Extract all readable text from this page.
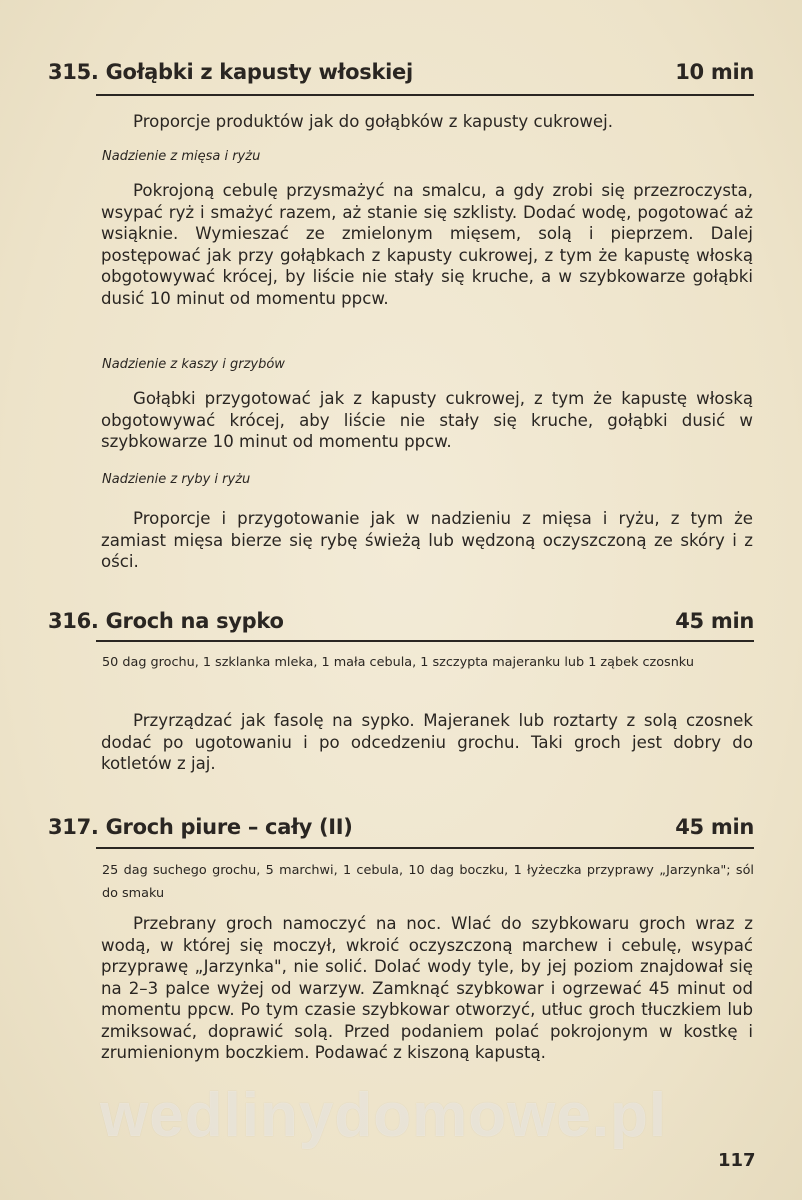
315. Gołąbki z kapusty włoskiej	10 min
Proporcje produktów jak do gołąbków z kapusty cukrowej.
Nadzienie z mięsa i ryżu
Pokrojoną cebulę przysmażyć na smalcu, a gdy zrobi się przezroczysta, wsypać ryż i smażyć razem, aż stanie się szklisty. Dodać wodę, pogotować aż wsiąknie. Wymieszać ze zmielonym mięsem, solą i pieprzem. Dalej postępować jak przy gołąbkach z kapusty cukrowej, z tym że kapustę włoską obgotowywać krócej, by liście nie stały się kruche, a w szybkowarze gołąbki dusić 10 minut od momentu ppcw.
Nadzienie z kaszy i grzybów
Gołąbki przygotować jak z kapusty cukrowej, z tym że kapustę włoską obgotowywać krócej, aby liście nie stały się kruche, gołąbki dusić w szybkowarze 10 minut od momentu ppcw.
Nadzienie z ryby i ryżu
Proporcje i przygotowanie jak w nadzieniu z mięsa i ryżu, z tym że zamiast mięsa bierze się rybę świeżą lub wędzoną oczyszczoną ze skóry i z ości.
316. Groch na sypko	45 min
50 dag grochu, 1 szklanka mleka, 1 mała cebula, 1 szczypta majeranku lub 1 ząbek czosnku
Przyrządzać jak fasolę na sypko. Majeranek lub roztarty z solą czosnek dodać po ugotowaniu i po odcedzeniu grochu. Taki groch jest dobry do kotletów z jaj.
317. Groch piure – cały (II)	45 min
25 dag suchego grochu, 5 marchwi, 1 cebula, 10 dag boczku, 1 łyżeczka przyprawy „Jarzynka"; sól do smaku
Przebrany groch namoczyć na noc. Wlać do szybkowaru groch wraz z wodą, w której się moczył, wkroić oczyszczoną marchew i cebulę, wsypać przyprawę „Jarzynka", nie solić. Dolać wody tyle, by jej poziom znajdował się na 2–3 palce wyżej od warzyw. Zamknąć szybkowar i ogrzewać 45 minut od momentu ppcw. Po tym czasie szybkowar otworzyć, utłuc groch tłuczkiem lub zmiksować, doprawić solą. Przed podaniem polać pokrojonym w kostkę i zrumienionym boczkiem. Podawać z kiszoną kapustą.
wedlinydomowe.pl
117
